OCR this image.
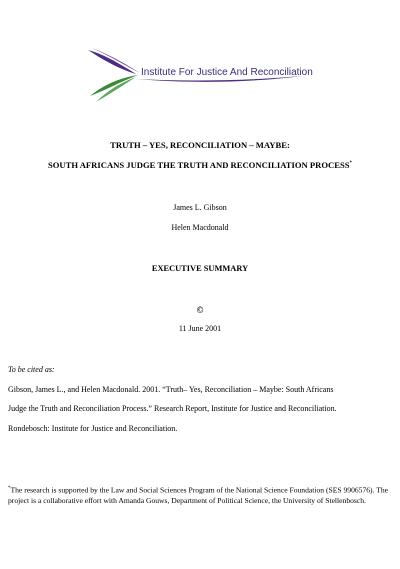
Institute For Justice And Reconciliation
TRUTH – YES, RECONCILIATION – MAYBE:
SOUTH AFRICANS JUDGE THE TRUTH AND RECONCILIATION PROCESS*
James L. Gibson
Helen Macdonald
EXECUTIVE SUMMARY
©
11 June 2001
To be cited as:
Gibson, James L., and Helen Macdonald. 2001. “Truth– Yes, Reconciliation – Maybe: South Africans
Judge the Truth and Reconciliation Process.” Research Report, Institute for Justice and Reconciliation.
Rondebosch: Institute for Justice and Reconciliation.
*The research is supported by the Law and Social Sciences Program of the National Science Foundation (SES 9906576). The project is a collaborative effort with Amanda Gouws, Department of Political Science, the University of Stellenbosch.
